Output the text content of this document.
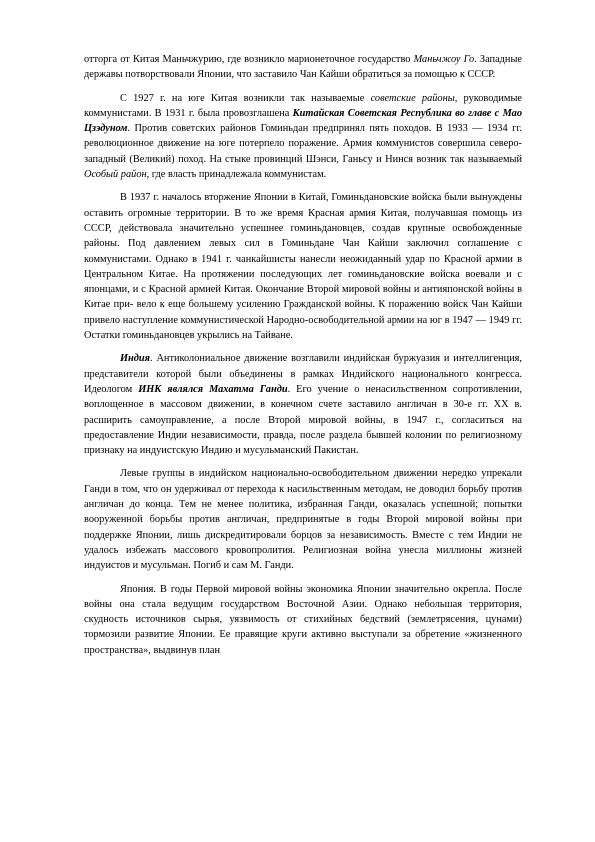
отторга от Китая Маньчжурию, где возникло марионеточное государство Маньчжоу Го. Западные державы потворствовали Японии, что заставило Чан Кайши обратиться за помощью к СССР.

С 1927 г. на юге Китая возникли так называемые советские районы, руководимые коммунистами. В 1931 г. была провозглашена Китайская Советская Республика во главе с Мао Цзэдуном. Против советских районов Гоминьдан предпринял пять походов. В 1933 — 1934 гг. революционное движение на юге потерпело поражение. Армия коммунистов совершила северо-западный (Великий) поход. На стыке провинций Шэнси, Ганьсу и Нинся возник так называемый Особый район, где власть принадлежала коммунистам.

В 1937 г. началось вторжение Японии в Китай, Гоминьдановские войска были вынуждены оставить огромные территории. В то же время Красная армия Китая, получавшая помощь из СССР, действовала значительно успешнее гоминьдановцев, создав крупные освобожденные районы. Под давлением левых сил в Гоминьдане Чан Кайши заключил соглашение с коммунистами. Однако в 1941 г. чанкайшисты нанесли неожиданный удар по Красной армии в Центральном Китае. На протяжении последующих лет гоминьдановские войска воевали и с японцами, и с Красной армией Китая. Окончание Второй мировой войны и антияпонской войны в Китае при- вело к еще большему усилению Гражданской войны. К поражению войск Чан Кайши привело наступление коммунистической Народно-освободительной армии на юг в 1947 — 1949 гг. Остатки гоминьдановцев укрылись на Тайване.

Индия. Антиколониальное движение возглавили индийская буржуазия и интеллигенция, представители которой были объединены в рамках Индийского национального конгресса. Идеологом ИНК являлся Махатма Ганди. Его учение о ненасильственном сопротивлении, воплощенное в массовом движении, в конечном счете заставило англичан в 30-е гг. XX в. расширить самоуправление, а после Второй мировой войны, в 1947 г., согласиться на предоставление Индии независимости, правда, после раздела бывшей колонии по религиозному признаку на индуистскую Индию и мусульманский Пакистан.

Левые группы в индийском национально-освободительном движении нередко упрекали Ганди в том, что он удерживал от перехода к насильственным методам, не доводил борьбу против англичан до конца. Тем не менее политика, избранная Ганди, оказалась успешной; попытки вооруженной борьбы против англичан, предпринятые в годы Второй мировой войны при поддержке Японии, лишь дискредитировали борцов за независимость. Вместе с тем Индии не удалось избежать массового кровопролития. Религиозная война унесла миллионы жизней индуистов и мусульман. Погиб и сам М. Ганди.

Япония. В годы Первой мировой войны экономика Японии значительно окрепла. После войны она стала ведущим государством Восточной Азии. Однако небольшая территория, скудность источников сырья, уязвимость от стихийных бедствий (землетрясения, цунами) тормозили развитие Японии. Ее правящие круги активно выступали за обретение «жизненного пространства», выдвинув план
